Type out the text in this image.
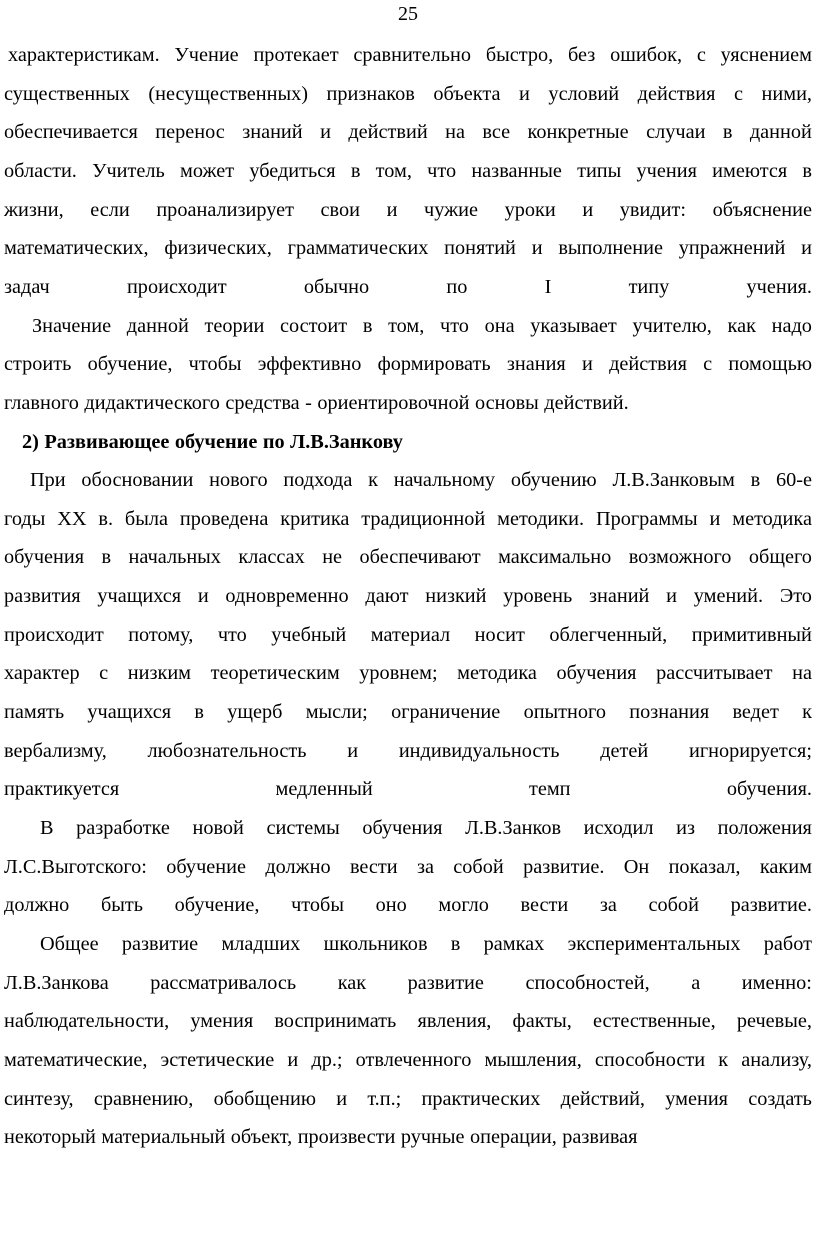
25
характеристикам. Учение протекает сравнительно быстро, без ошибок, с уяснением
существенных (несущественных) признаков объекта и условий действия с ними,
обеспечивается перенос знаний и действий на все конкретные случаи в данной
области. Учитель может убедиться в том, что названные типы учения имеются в
жизни, если проанализирует свои и чужие уроки и увидит: объяснение
математических, физических, грамматических понятий и выполнение упражнений и
задач	происходит	обычно	по	I	типу	учения.
Значение данной теории состоит в том, что она указывает учителю, как надо
строить обучение, чтобы эффективно формировать знания и действия с помощью
главного дидактического средства - ориентировочной основы действий.
2) Развивающее обучение по Л.В.Занкову
При обосновании нового подхода к начальному обучению Л.В.Занковым в 60-е
годы XX в. была проведена критика традиционной методики. Программы и методика
обучения в начальных классах не обеспечивают максимально возможного общего
развития учащихся и одновременно дают низкий уровень знаний и умений. Это
происходит потому, что учебный материал носит облегченный, примитивный
характер с низким теоретическим уровнем; методика обучения рассчитывает на
память учащихся в ущерб мысли; ограничение опытного познания ведет к
вербализму, любознательность и индивидуальность детей игнорируется;
практикуется	медленный	темп	обучения.
В разработке новой системы обучения Л.В.Занков исходил из положения
Л.С.Выготского: обучение должно вести за собой развитие. Он показал, каким
должно быть обучение, чтобы оно могло вести за собой развитие.
Общее развитие младших школьников в рамках экспериментальных работ
Л.В.Занкова рассматривалось как развитие способностей, а именно:
наблюдательности, умения воспринимать явления, факты, естественные, речевые,
математические, эстетические и др.; отвлеченного мышления, способности к анализу,
синтезу, сравнению, обобщению и т.п.; практических действий, умения создать
некоторый материальный объект, произвести ручные операции, развивая
